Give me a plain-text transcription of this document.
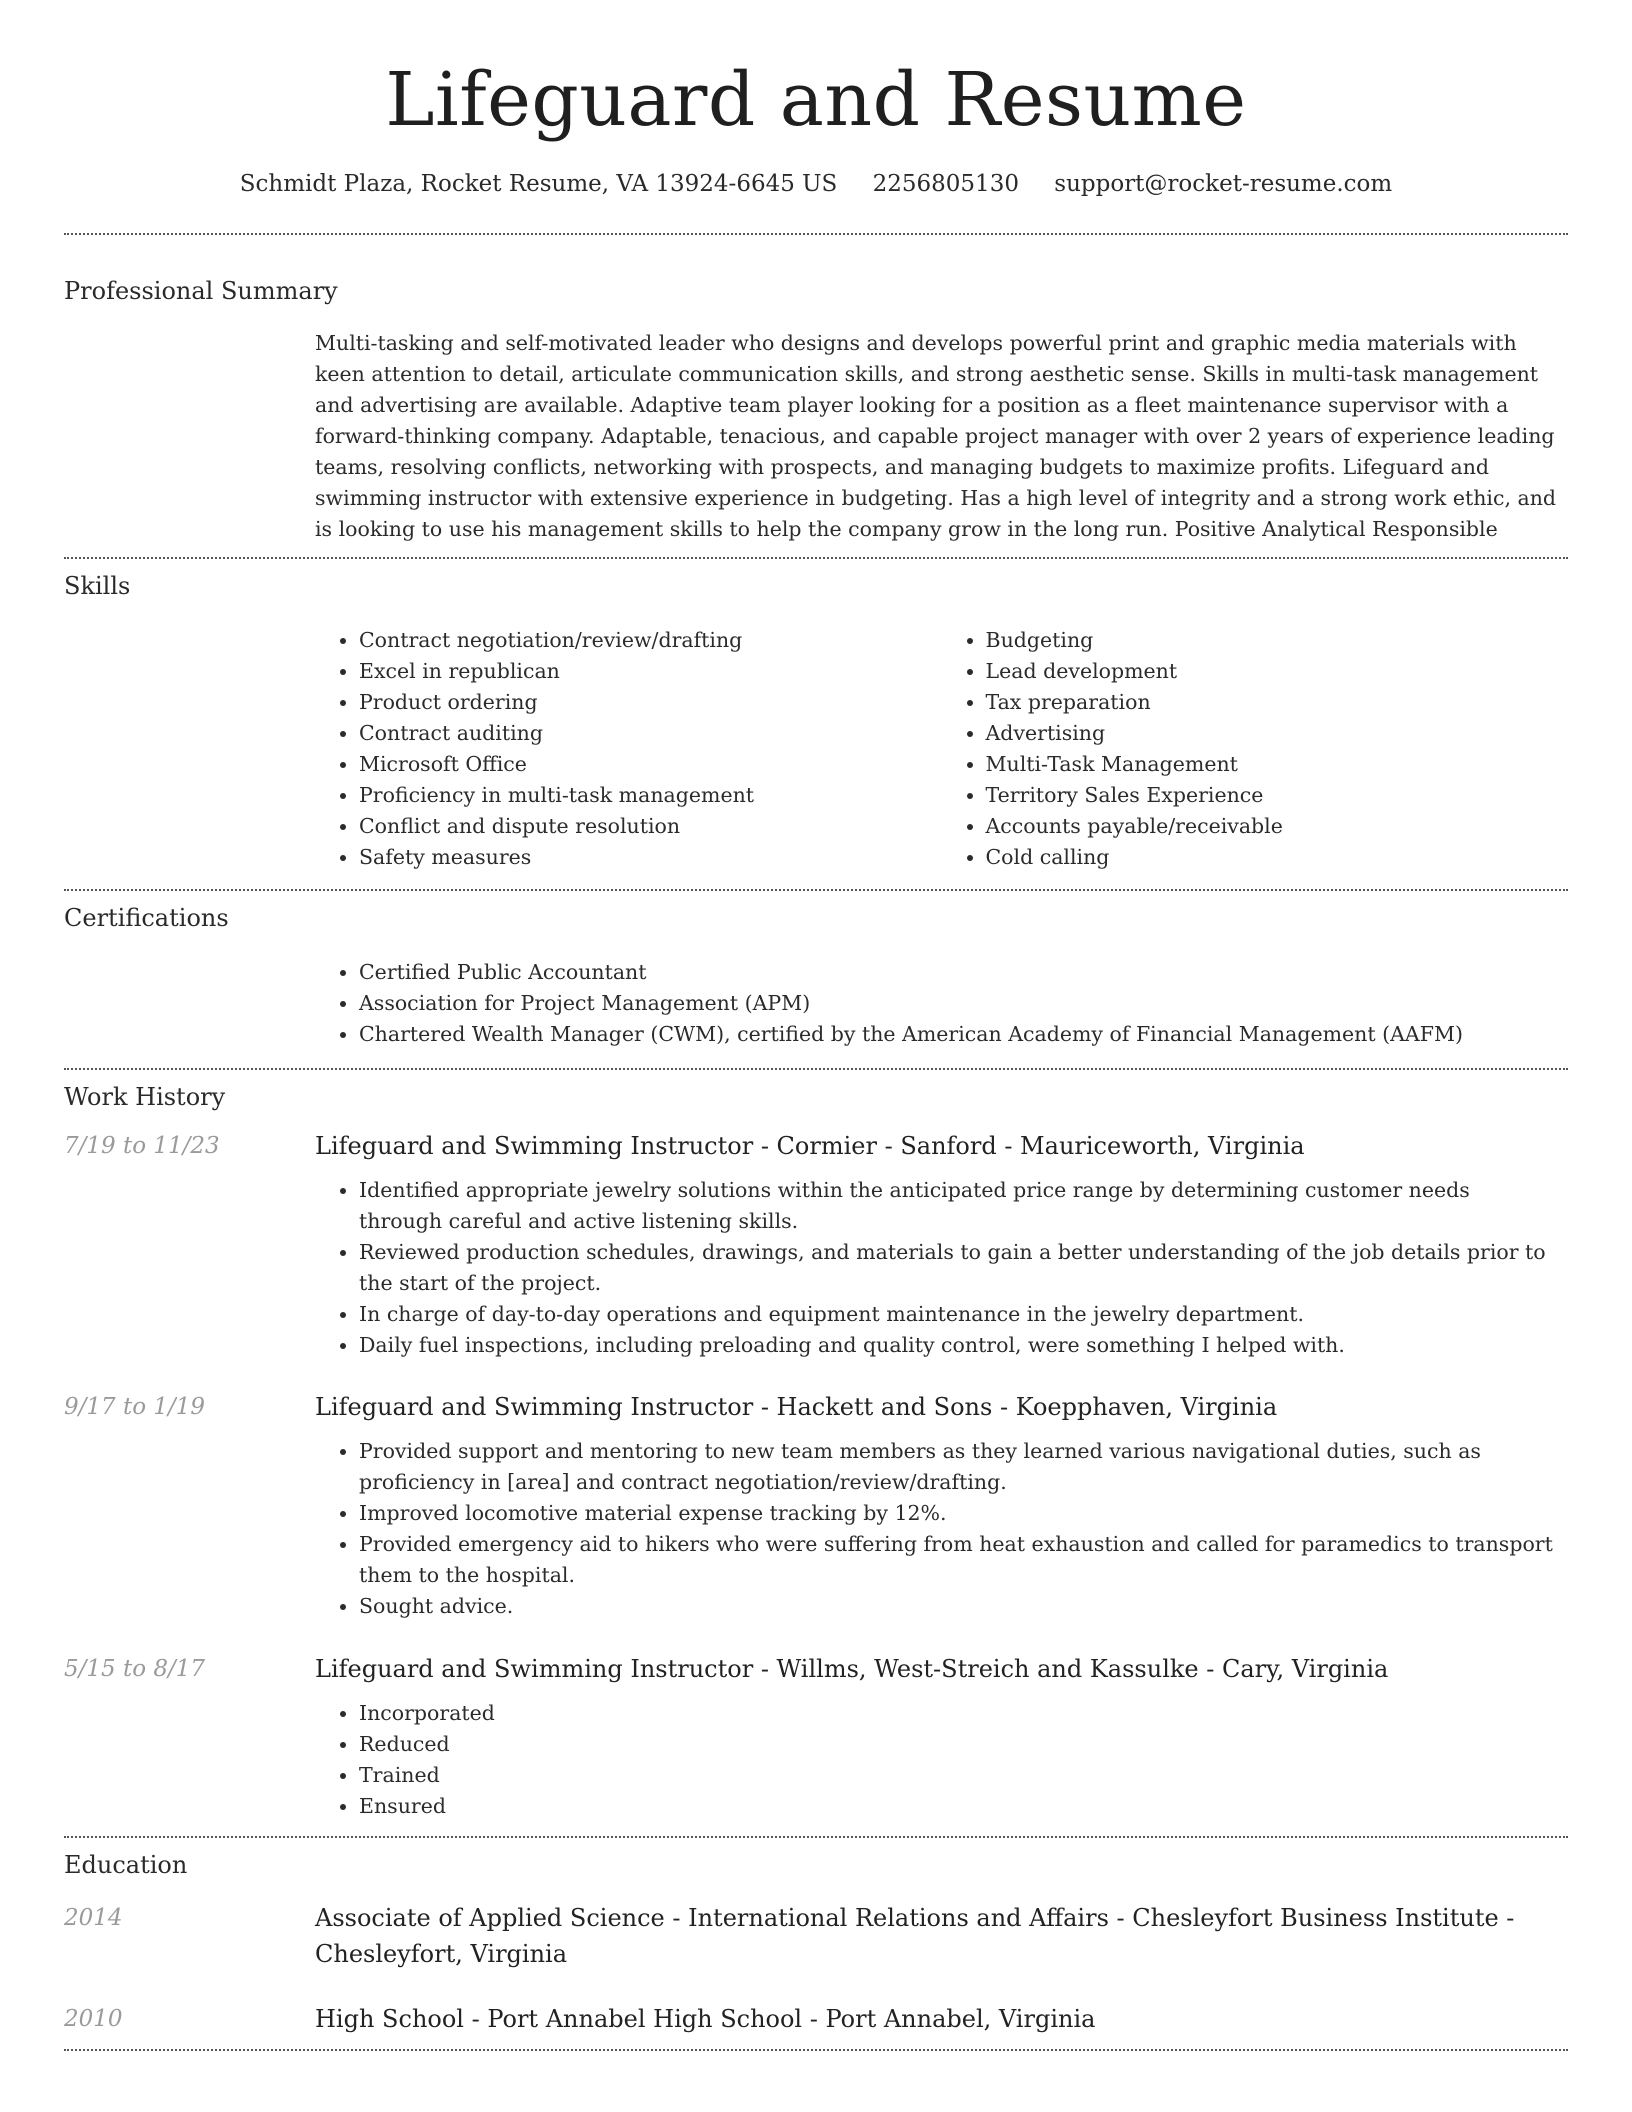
Lifeguard and Resume
Schmidt Plaza, Rocket Resume, VA 13924-6645 US 2256805130 support@rocket-resume.com
Professional Summary
Multi-tasking and self-motivated leader who designs and develops powerful print and graphic media materials with keen attention to detail, articulate communication skills, and strong aesthetic sense. Skills in multi-task management and advertising are available. Adaptive team player looking for a position as a fleet maintenance supervisor with a forward-thinking company. Adaptable, tenacious, and capable project manager with over 2 years of experience leading teams, resolving conflicts, networking with prospects, and managing budgets to maximize profits. Lifeguard and swimming instructor with extensive experience in budgeting. Has a high level of integrity and a strong work ethic, and is looking to use his management skills to help the company grow in the long run. Positive Analytical Responsible
Skills
• Contract negotiation/review/drafting
• Excel in republican
• Product ordering
• Contract auditing
• Microsoft Office
• Proficiency in multi-task management
• Conflict and dispute resolution
• Safety measures
• Budgeting
• Lead development
• Tax preparation
• Advertising
• Multi-Task Management
• Territory Sales Experience
• Accounts payable/receivable
• Cold calling
Certifications
• Certified Public Accountant
• Association for Project Management (APM)
• Chartered Wealth Manager (CWM), certified by the American Academy of Financial Management (AAFM)
Work History
7/19 to 11/23	Lifeguard and Swimming Instructor - Cormier - Sanford - Mauriceworth, Virginia
• Identified appropriate jewelry solutions within the anticipated price range by determining customer needs through careful and active listening skills.
• Reviewed production schedules, drawings, and materials to gain a better understanding of the job details prior to the start of the project.
• In charge of day-to-day operations and equipment maintenance in the jewelry department.
• Daily fuel inspections, including preloading and quality control, were something I helped with.
9/17 to 1/19	Lifeguard and Swimming Instructor - Hackett and Sons - Koepphaven, Virginia
• Provided support and mentoring to new team members as they learned various navigational duties, such as proficiency in [area] and contract negotiation/review/drafting.
• Improved locomotive material expense tracking by 12%.
• Provided emergency aid to hikers who were suffering from heat exhaustion and called for paramedics to transport them to the hospital.
• Sought advice.
5/15 to 8/17	Lifeguard and Swimming Instructor - Willms, West-Streich and Kassulke - Cary, Virginia
• Incorporated
• Reduced
• Trained
• Ensured
Education
2014	Associate of Applied Science - International Relations and Affairs - Chesleyfort Business Institute - Chesleyfort, Virginia
2010	High School - Port Annabel High School - Port Annabel, Virginia
